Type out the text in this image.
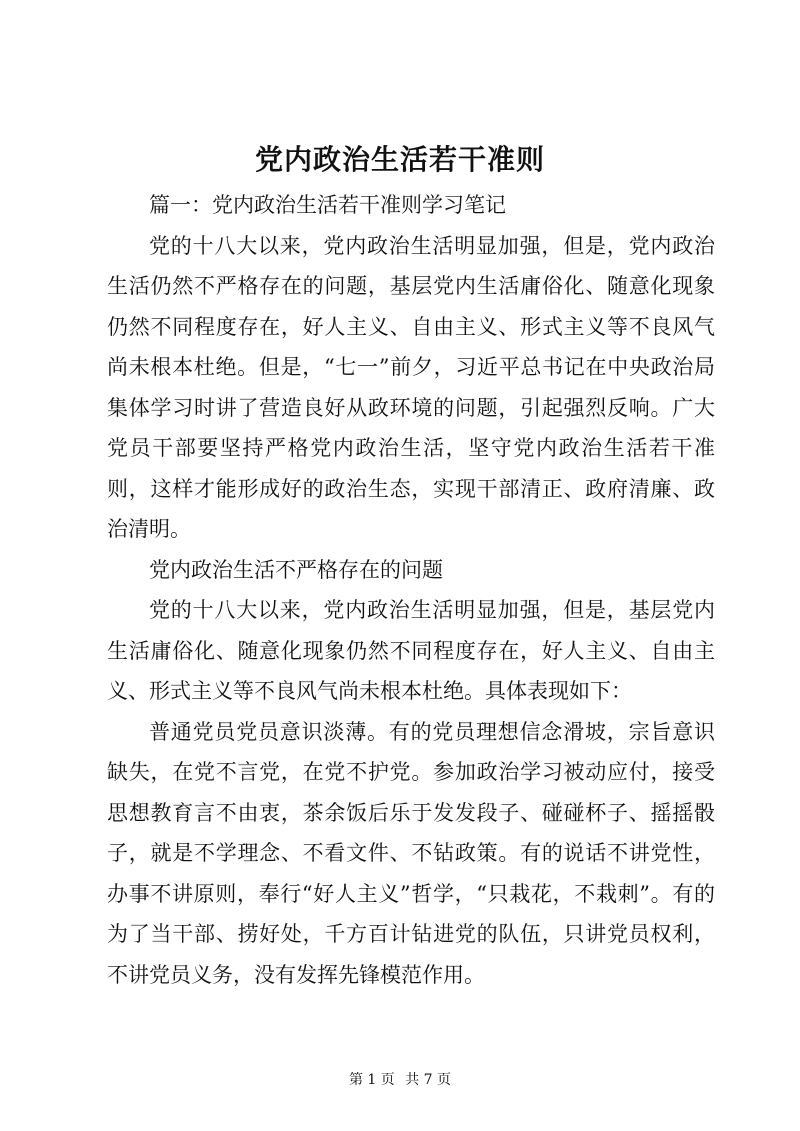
党内政治生活若干准则

篇一：党内政治生活若干准则学习笔记

党的十八大以来，党内政治生活明显加强，但是，党内政治生活仍然不严格存在的问题，基层党内生活庸俗化、随意化现象仍然不同程度存在，好人主义、自由主义、形式主义等不良风气尚未根本杜绝。但是，“七一”前夕，习近平总书记在中央政治局集体学习时讲了营造良好从政环境的问题，引起强烈反响。广大党员干部要坚持严格党内政治生活，坚守党内政治生活若干准则，这样才能形成好的政治生态，实现干部清正、政府清廉、政治清明。

党内政治生活不严格存在的问题

党的十八大以来，党内政治生活明显加强，但是，基层党内生活庸俗化、随意化现象仍然不同程度存在，好人主义、自由主义、形式主义等不良风气尚未根本杜绝。具体表现如下：

普通党员党员意识淡薄。有的党员理想信念滑坡，宗旨意识缺失，在党不言党，在党不护党。参加政治学习被动应付，接受思想教育言不由衷，茶余饭后乐于发发段子、碰碰杯子、摇摇骰子，就是不学理念、不看文件、不钻政策。有的说话不讲党性，办事不讲原则，奉行“好人主义”哲学，“只栽花，不栽刺”。有的为了当干部、捞好处，千方百计钻进党的队伍，只讲党员权利，不讲党员义务，没有发挥先锋模范作用。

第 1 页 共 7 页
